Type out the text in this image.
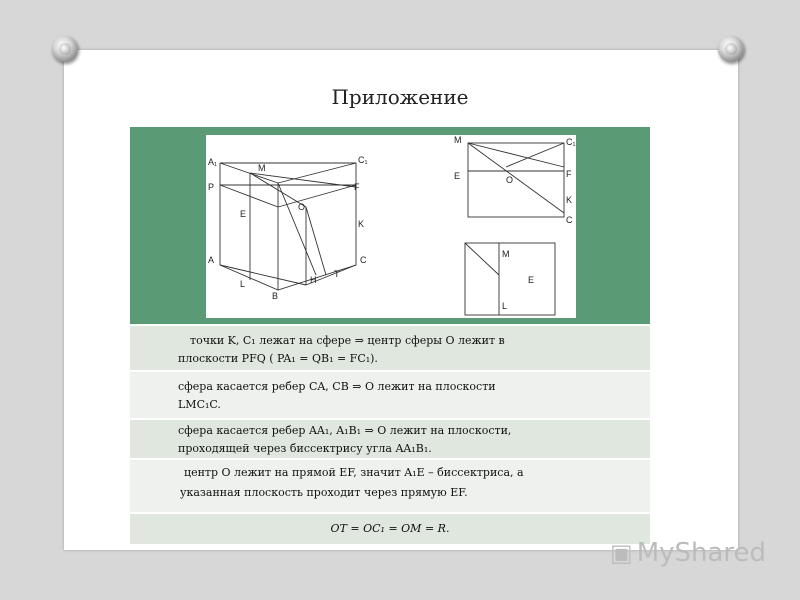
Приложение
A₁
M
C₁
P	F
E
O
K
A	C
T
H
L
B
M	C₁
E	O
F
K
C
M
E
L
точки K, C₁ лежат на сфере ⇒ центр сферы O лежит в
плоскости PFQ ( PA₁ = QB₁ = FC₁).
сфера касается ребер CA, CB ⇒ O лежит на плоскости
LMC₁C.
сфера касается ребер AA₁, A₁B₁ ⇒ O лежит на плоскости,
проходящей через биссектрису угла AA₁B₁.
центр O лежит на прямой EF, значит A₁E – биссектриса, а
указанная плоскость проходит через прямую EF.
OT = OC₁ = OM = R.
▣ MyShared
